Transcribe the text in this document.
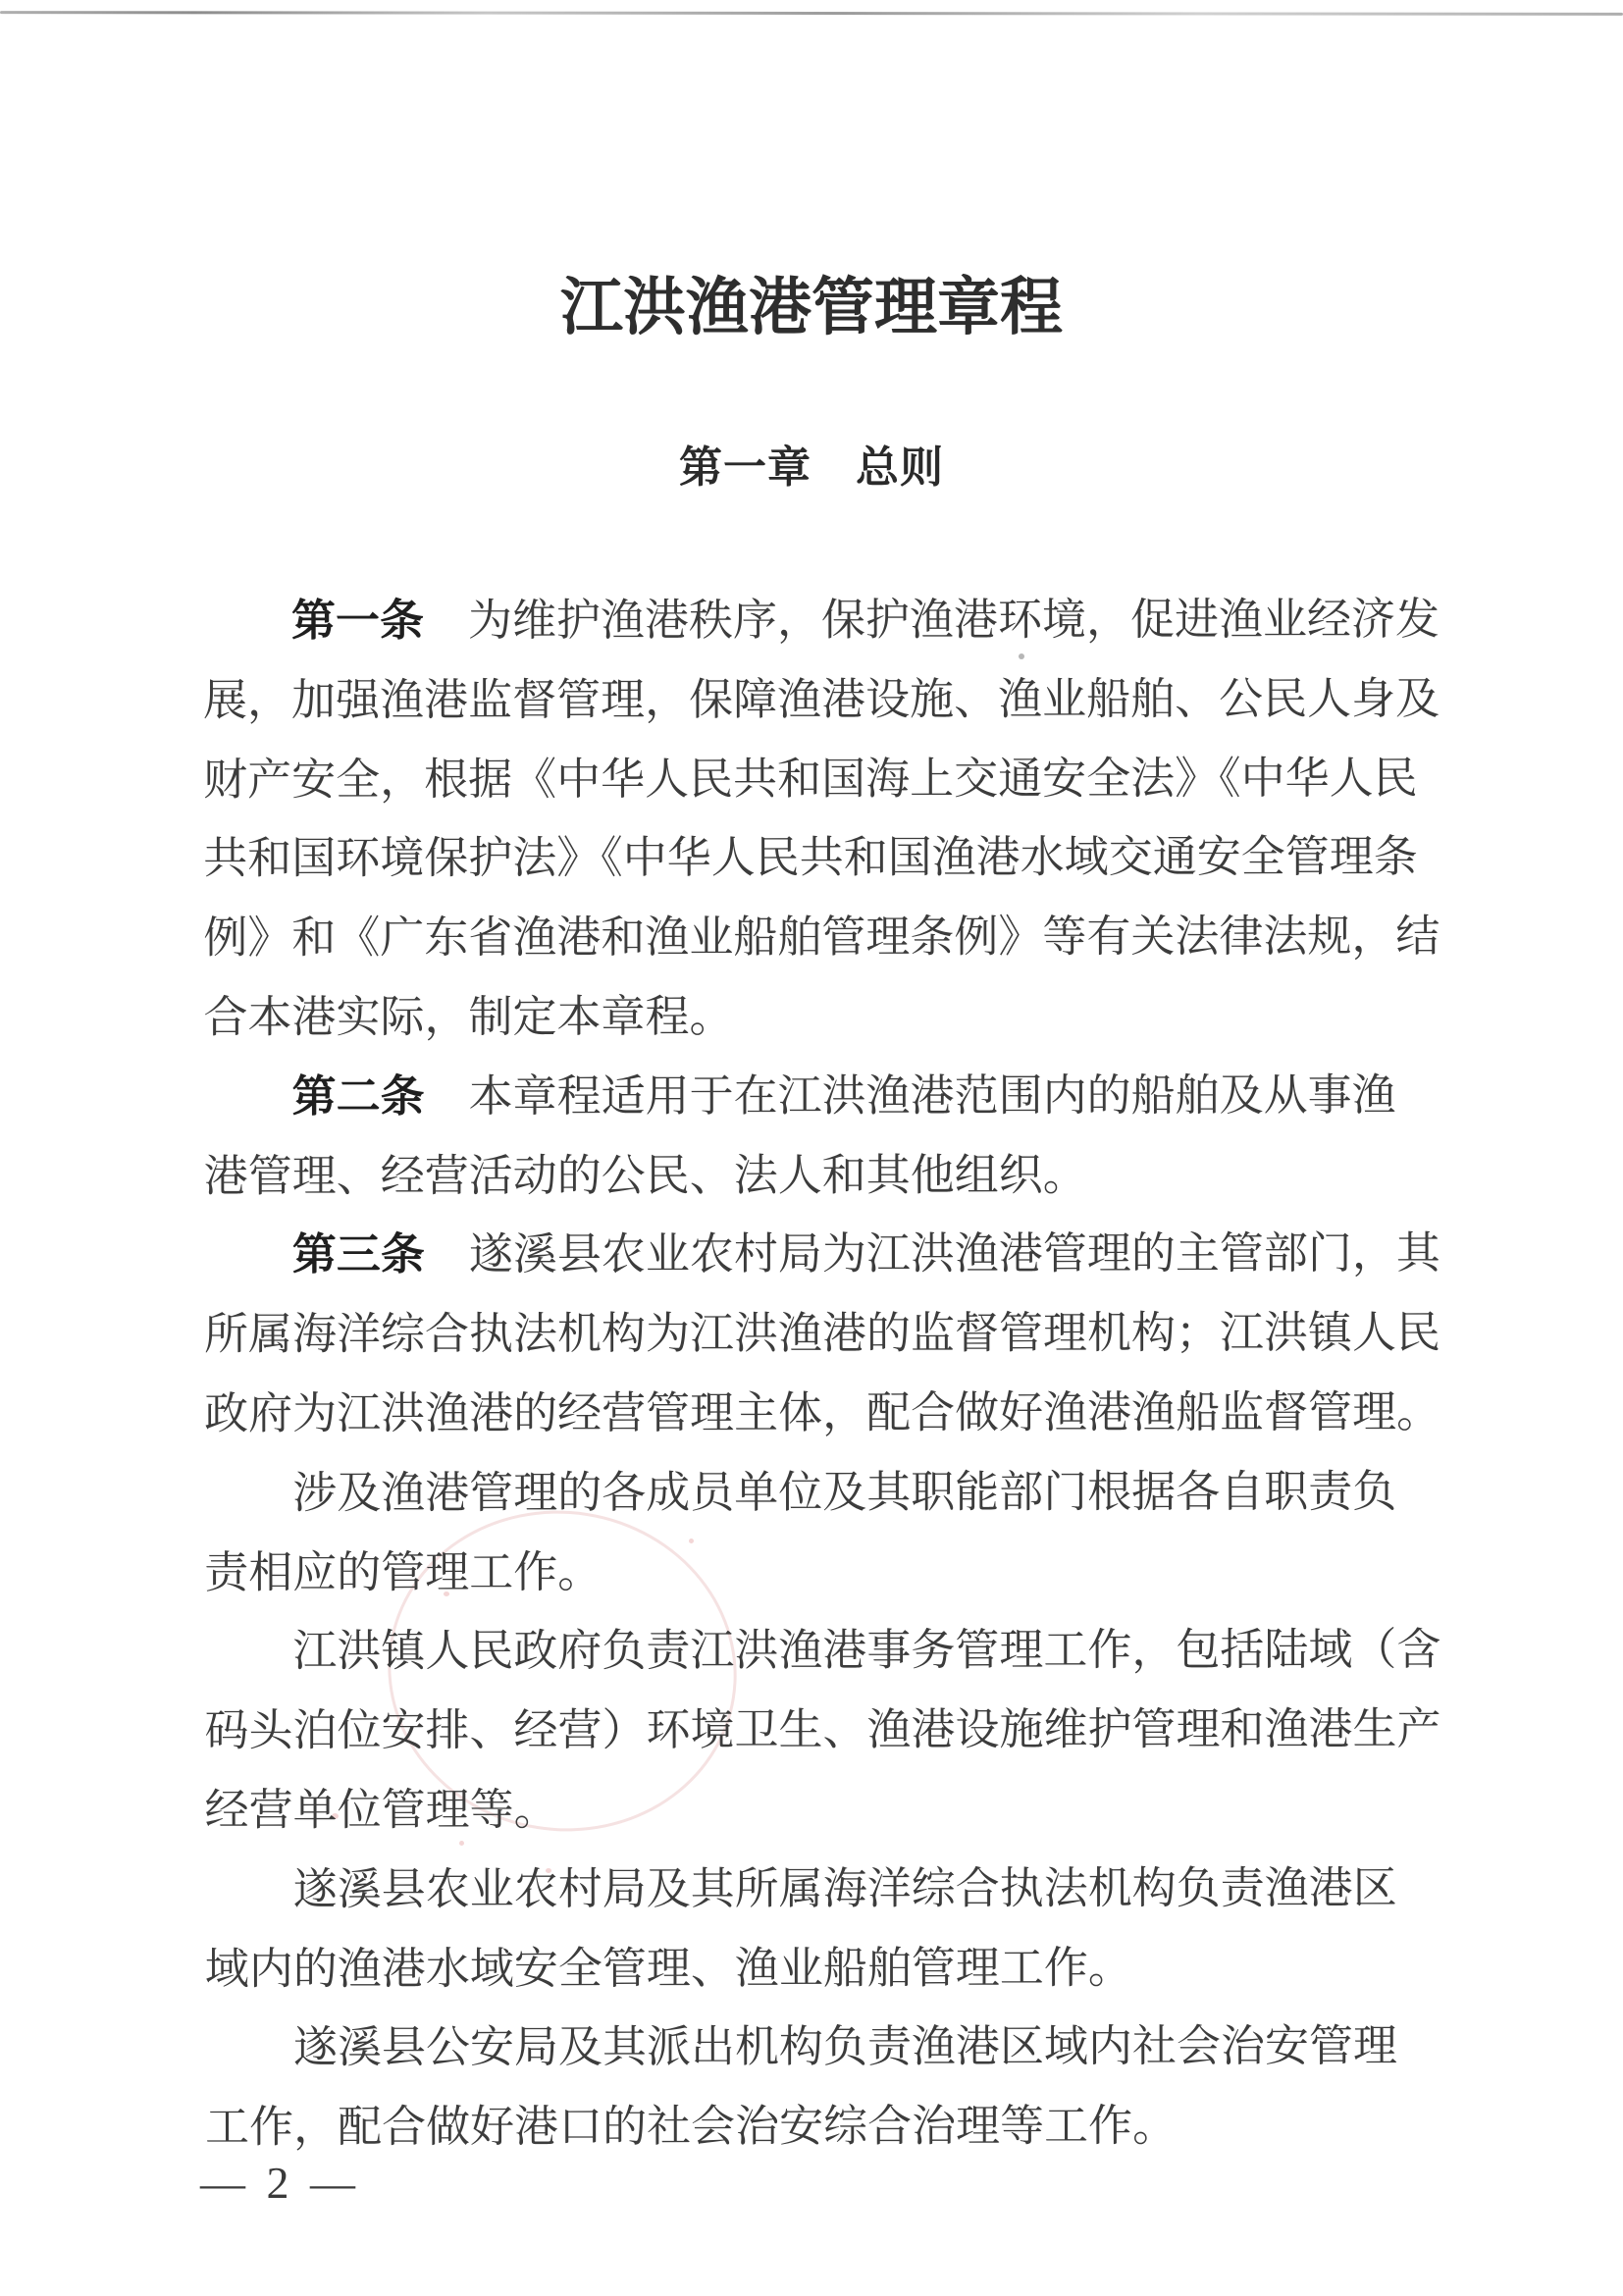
江洪渔港管理章程
第一章　总则
第一条　为维护渔港秩序，保护渔港环境，促进渔业经济发
展，加强渔港监督管理，保障渔港设施、渔业船舶、公民人身及
财产安全，根据《中华人民共和国海上交通安全法》《中华人民
共和国环境保护法》《中华人民共和国渔港水域交通安全管理条
例》和《广东省渔港和渔业船舶管理条例》等有关法律法规，结
合本港实际，制定本章程。
第二条　本章程适用于在江洪渔港范围内的船舶及从事渔
港管理、经营活动的公民、法人和其他组织。
第三条　遂溪县农业农村局为江洪渔港管理的主管部门，其
所属海洋综合执法机构为江洪渔港的监督管理机构；江洪镇人民
政府为江洪渔港的经营管理主体，配合做好渔港渔船监督管理。
涉及渔港管理的各成员单位及其职能部门根据各自职责负
责相应的管理工作。
江洪镇人民政府负责江洪渔港事务管理工作，包括陆域（含
码头泊位安排、经营）环境卫生、渔港设施维护管理和渔港生产
经营单位管理等。
遂溪县农业农村局及其所属海洋综合执法机构负责渔港区
域内的渔港水域安全管理、渔业船舶管理工作。
遂溪县公安局及其派出机构负责渔港区域内社会治安管理
工作，配合做好港口的社会治安综合治理等工作。
— 2 —
